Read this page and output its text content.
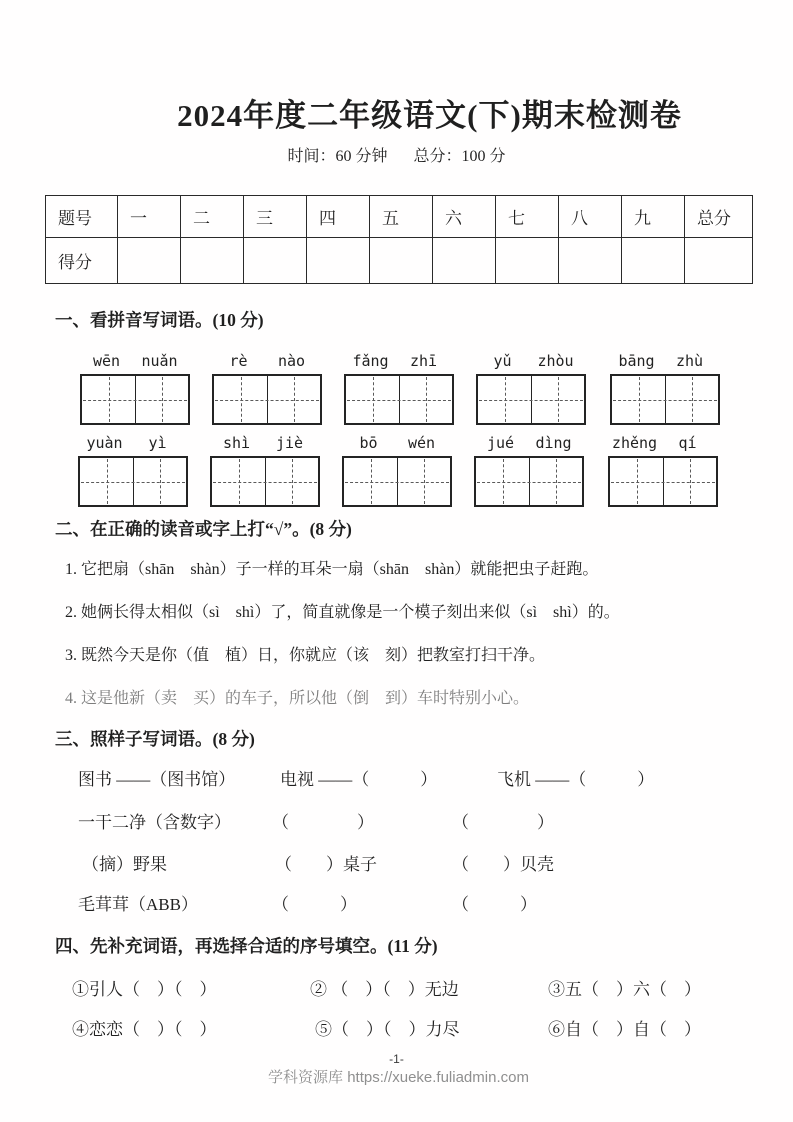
2024年度二年级语文(下)期末检测卷
时间：60 分钟 总分：100 分
题号	一	二	三	四	五	六	七	八	九	总分
得分										
一、看拼音写词语。(10 分)
wēn	nuǎn	rè	nào	fǎng	zhī	yǔ	zhòu	bāng	zhù
yuàn	yì	shì	jiè	bō	wén	jué	dìng	zhěng	qí
二、在正确的读音或字上打“√”。(8 分)
1. 它把扇（shān　shàn）子一样的耳朵一扇（shān　shàn）就能把虫子赶跑。
2. 她俩长得太相似（sì　shì）了，简直就像是一个模子刻出来似（sì　shì）的。
3. 既然今天是你（值　植）日，你就应（该　刻）把教室打扫干净。
4. 这是他新（卖　买）的车子，所以他（倒　到）车时特别小心。
三、照样子写词语。(8 分)
图书 ——（图书馆）	电视 ——（　　　）	飞机 ——（　　　）
一干二净（含数字） （　　　　）	（　　　　）
（摘）野果	（　　）桌子	（　　）贝壳
毛茸茸（ABB）	（　　　）	（　　　）
四、先补充词语，再选择合适的序号填空。(11 分)
①引人（　）（　）	② （　）（　）无边	③五（　）六（　）
④恋恋（　）（　）	⑤（　）（　）力尽	⑥自（　）自（　）
-1-
学科资源库 https://xueke.fuliadmin.com
